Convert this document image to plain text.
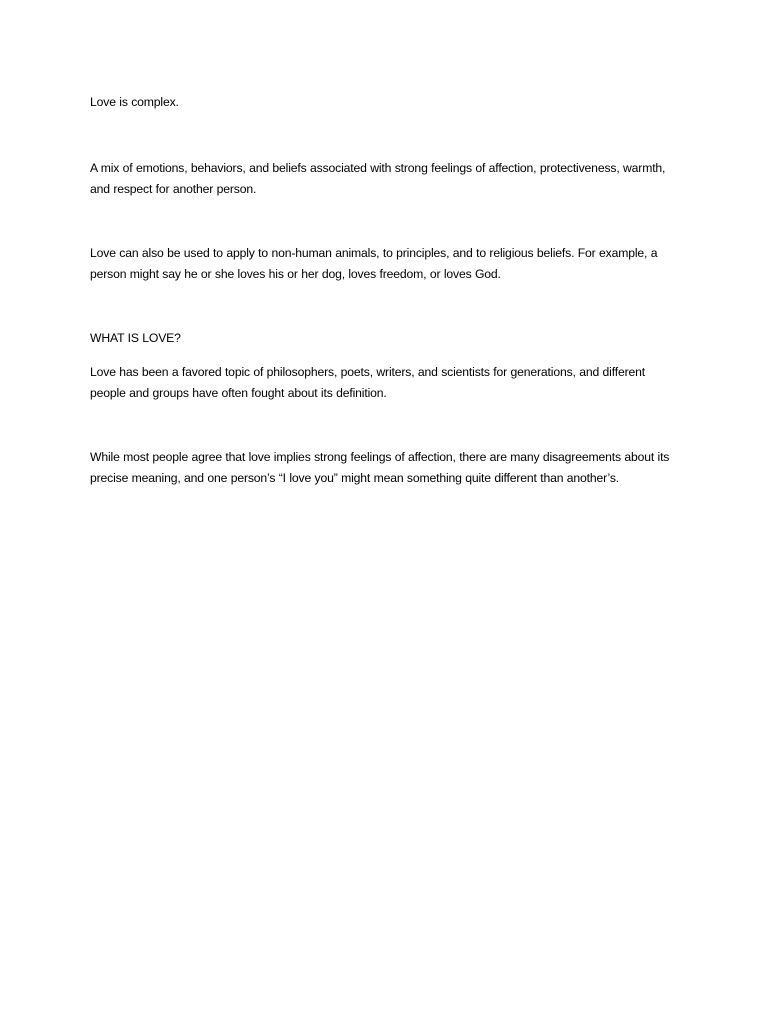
Love is complex.

A mix of emotions, behaviors, and beliefs associated with strong feelings of affection, protectiveness, warmth, and respect for another person.

Love can also be used to apply to non-human animals, to principles, and to religious beliefs. For example, a person might say he or she loves his or her dog, loves freedom, or loves God.

WHAT IS LOVE?

Love has been a favored topic of philosophers, poets, writers, and scientists for generations, and different people and groups have often fought about its definition.

While most people agree that love implies strong feelings of affection, there are many disagreements about its precise meaning, and one person’s “I love you” might mean something quite different than another’s.
